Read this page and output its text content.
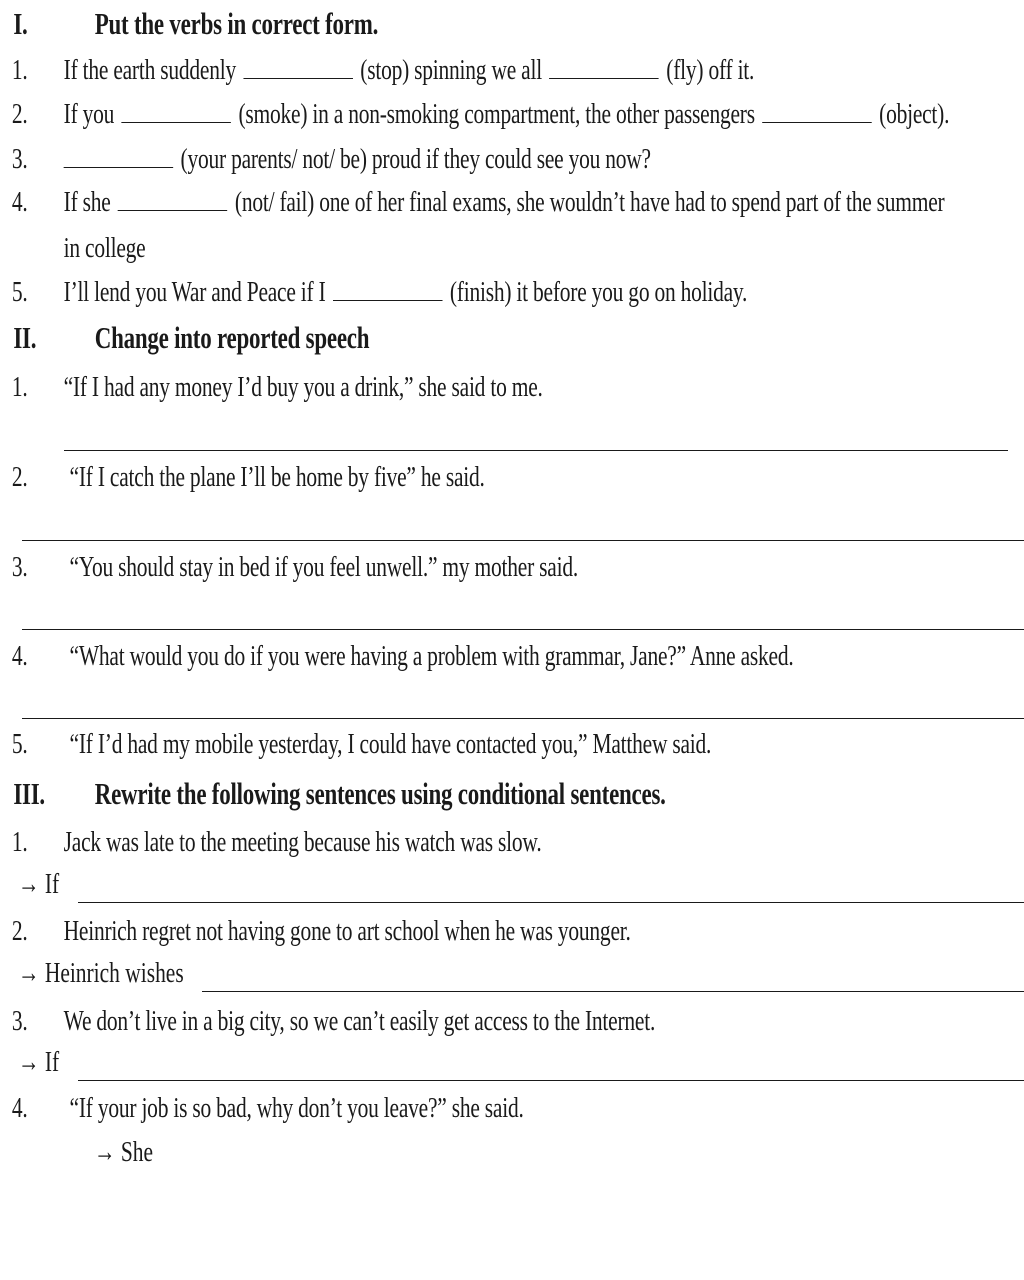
I. Put the verbs in correct form.
1. If the earth suddenly	(stop) spinning we all	(fly) off it.
2. If you	(smoke) in a non-smoking compartment, the other passengers	(object).
3.	(your parents/ not/ be) proud if they could see you now?
4. If she	(not/ fail) one of her final exams, she wouldn’t have had to spend part of the summer
in college
5. I’ll lend you War and Peace if I	(finish) it before you go on holiday.
II. Change into reported speech
1. “If I had any money I’d buy you a drink,” she said to me.
2. “If I catch the plane I’ll be home by five” he said.
3. “You should stay in bed if you feel unwell.” my mother said.
4. “What would you do if you were having a problem with grammar, Jane?” Anne asked.
5. “If I’d had my mobile yesterday, I could have contacted you,” Matthew said.
III. Rewrite the following sentences using conditional sentences.
1. Jack was late to the meeting because his watch was slow.
→ If
2. Heinrich regret not having gone to art school when he was younger.
→ Heinrich wishes
3. We don’t live in a big city, so we can’t easily get access to the Internet.
→ If
4. “If your job is so bad, why don’t you leave?” she said.
→ She
